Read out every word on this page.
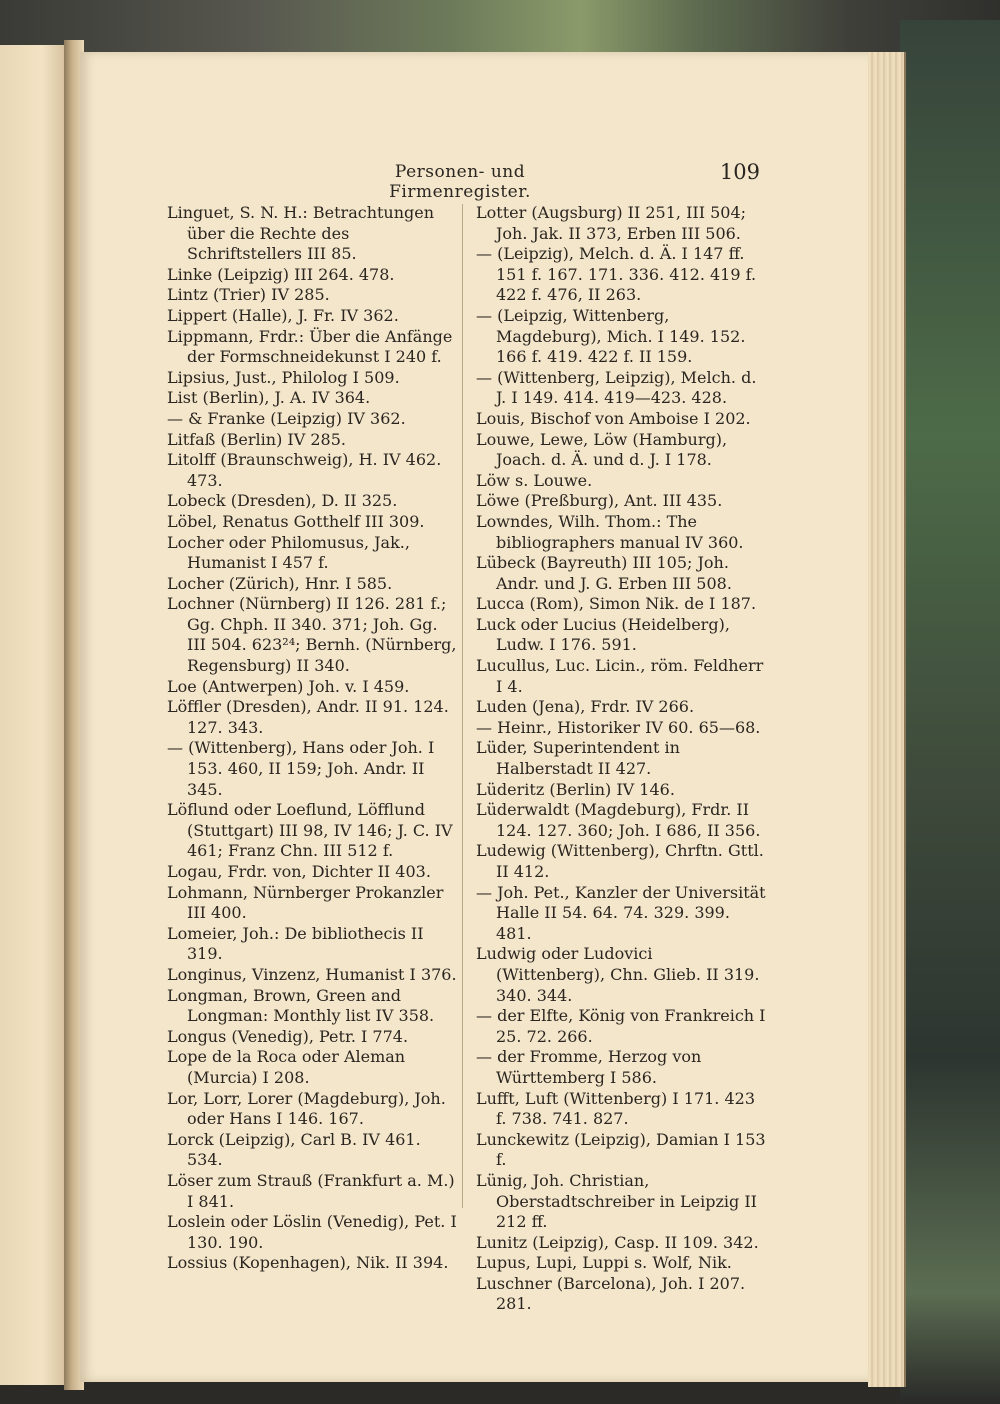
Personen- und Firmenregister.
109

Linguet, S. N. H.: Betrachtungen über die Rechte des Schriftstellers III 85.

Linke (Leipzig) III 264. 478.

Lintz (Trier) IV 285.

Lippert (Halle), J. Fr. IV 362.

Lippmann, Frdr.: Über die Anfänge der Formschneidekunst I 240 f.

Lipsius, Just., Philolog I 509.

List (Berlin), J. A. IV 364.

— & Franke (Leipzig) IV 362.

Litfaß (Berlin) IV 285.

Litolff (Braunschweig), H. IV 462. 473.

Lobeck (Dresden), D. II 325.

Löbel, Renatus Gotthelf III 309.

Locher oder Philomusus, Jak., Humanist I 457 f.

Locher (Zürich), Hnr. I 585.

Lochner (Nürnberg) II 126. 281 f.; Gg. Chph. II 340. 371; Joh. Gg. III 504. 623²⁴; Bernh. (Nürnberg, Regensburg) II 340.

Loe (Antwerpen) Joh. v. I 459.

Löffler (Dresden), Andr. II 91. 124. 127. 343.

— (Wittenberg), Hans oder Joh. I 153. 460, II 159; Joh. Andr. II 345.

Löflund oder Loeflund, Löfflund (Stuttgart) III 98, IV 146; J. C. IV 461; Franz Chn. III 512 f.

Logau, Frdr. von, Dichter II 403.

Lohmann, Nürnberger Prokanzler III 400.

Lomeier, Joh.: De bibliothecis II 319.

Longinus, Vinzenz, Humanist I 376.

Longman, Brown, Green and Longman: Monthly list IV 358.

Longus (Venedig), Petr. I 774.

Lope de la Roca oder Aleman (Murcia) I 208.

Lor, Lorr, Lorer (Magdeburg), Joh. oder Hans I 146. 167.

Lorck (Leipzig), Carl B. IV 461. 534.

Löser zum Strauß (Frankfurt a. M.) I 841.

Loslein oder Löslin (Venedig), Pet. I 130. 190.

Lossius (Kopenhagen), Nik. II 394.

Lotter (Augsburg) II 251, III 504; Joh. Jak. II 373, Erben III 506.

— (Leipzig), Melch. d. Ä. I 147 ff. 151 f. 167. 171. 336. 412. 419 f. 422 f. 476, II 263.

— (Leipzig, Wittenberg, Magdeburg), Mich. I 149. 152. 166 f. 419. 422 f. II 159.

— (Wittenberg, Leipzig), Melch. d. J. I 149. 414. 419—423. 428.

Louis, Bischof von Amboise I 202.

Louwe, Lewe, Löw (Hamburg), Joach. d. Ä. und d. J. I 178.

Löw s. Louwe.

Löwe (Preßburg), Ant. III 435.

Lowndes, Wilh. Thom.: The bibliographers manual IV 360.

Lübeck (Bayreuth) III 105; Joh. Andr. und J. G. Erben III 508.

Lucca (Rom), Simon Nik. de I 187.

Luck oder Lucius (Heidelberg), Ludw. I 176. 591.

Lucullus, Luc. Licin., röm. Feldherr I 4.

Luden (Jena), Frdr. IV 266.

— Heinr., Historiker IV 60. 65—68.

Lüder, Superintendent in Halberstadt II 427.

Lüderitz (Berlin) IV 146.

Lüderwaldt (Magdeburg), Frdr. II 124. 127. 360; Joh. I 686, II 356.

Ludewig (Wittenberg), Chrftn. Gttl. II 412.

— Joh. Pet., Kanzler der Universität Halle II 54. 64. 74. 329. 399. 481.

Ludwig oder Ludovici (Wittenberg), Chn. Glieb. II 319. 340. 344.

— der Elfte, König von Frankreich I 25. 72. 266.

— der Fromme, Herzog von Württemberg I 586.

Lufft, Luft (Wittenberg) I 171. 423 f. 738. 741. 827.

Lunckewitz (Leipzig), Damian I 153 f.

Lünig, Joh. Christian, Oberstadtschreiber in Leipzig II 212 ff.

Lunitz (Leipzig), Casp. II 109. 342.

Lupus, Lupi, Luppi s. Wolf, Nik.

Luschner (Barcelona), Joh. I 207. 281.
